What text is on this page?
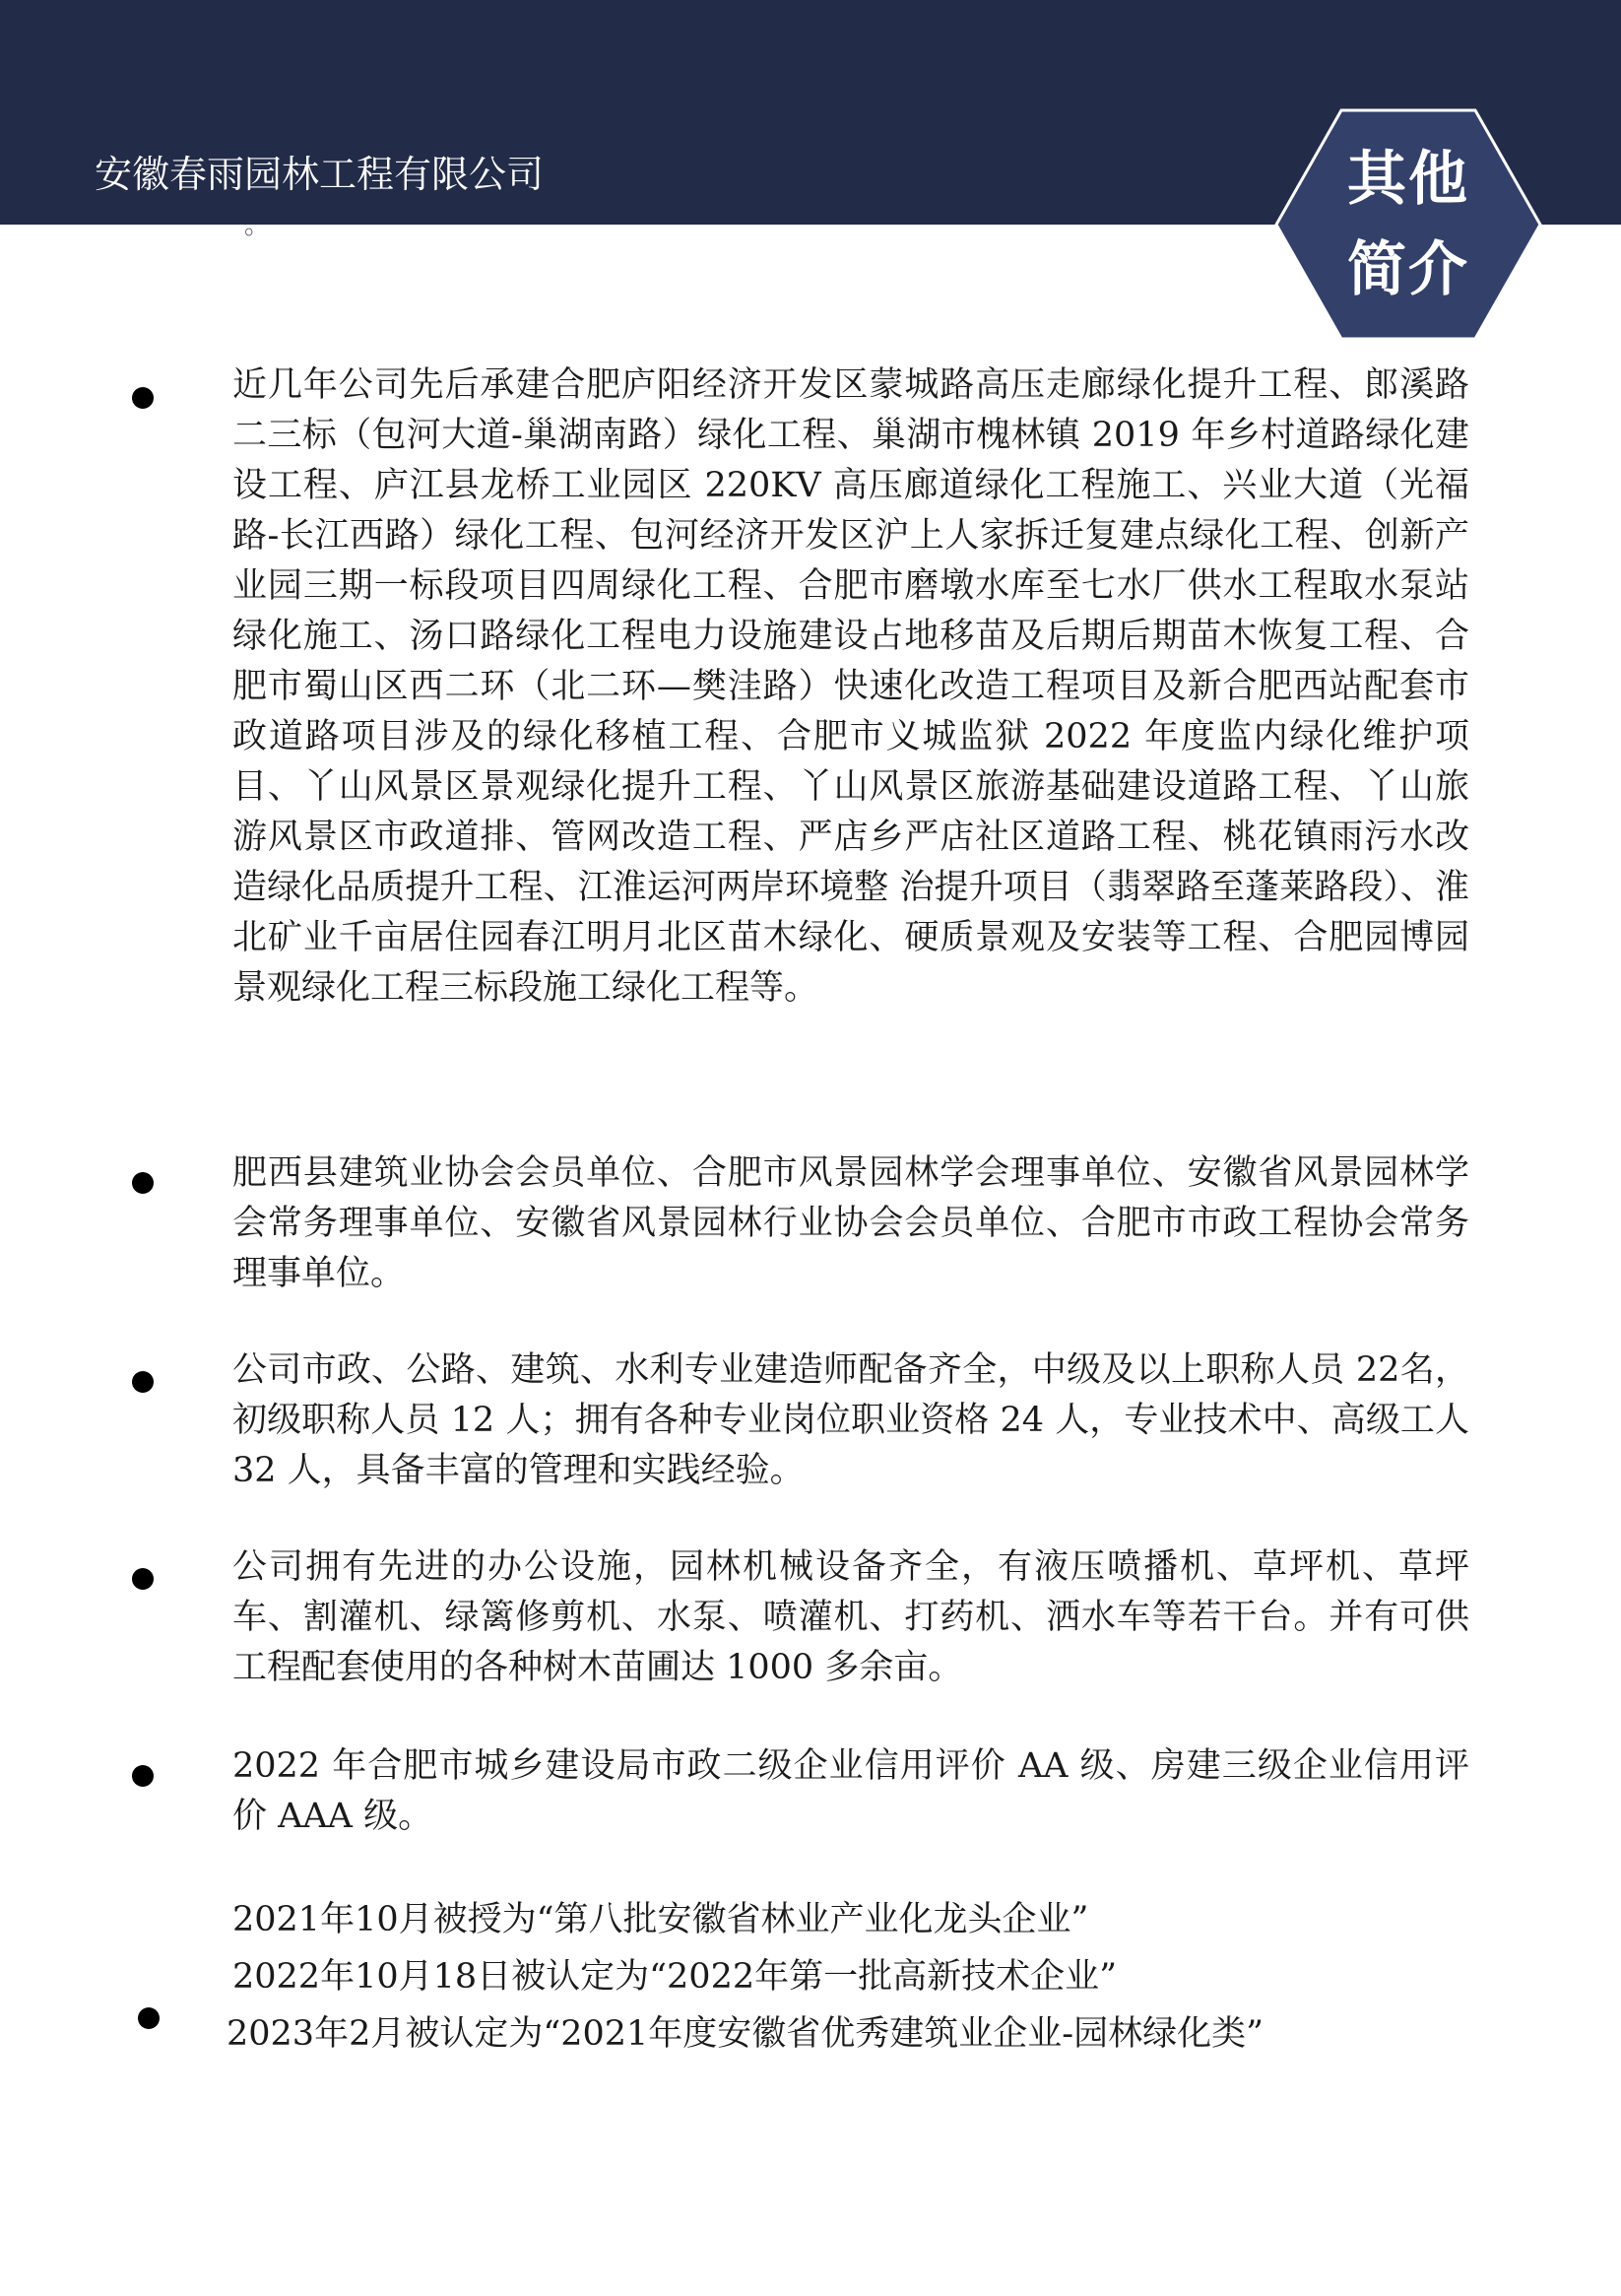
安徽春雨园林工程有限公司	其他
简介
。
近几年公司先后承建合肥庐阳经济开发区蒙城路高压走廊绿化提升工程、郎溪路二三标（包河大道-巢湖南路）绿化工程、巢湖市槐林镇 2019 年乡村道路绿化建设工程、庐江县龙桥工业园区 220KV 高压廊道绿化工程施工、兴业大道（光福路-长江西路）绿化工程、包河经济开发区沪上人家拆迁复建点绿化工程、创新产业园三期一标段项目四周绿化工程、合肥市磨墩水库至七水厂供水工程取水泵站绿化施工、汤口路绿化工程电力设施建设占地移苗及后期后期苗木恢复工程、合肥市蜀山区西二环（北二环—樊洼路）快速化改造工程项目及新合肥西站配套市政道路项目涉及的绿化移植工程、合肥市义城监狱 2022 年度监内绿化维护项目、丫山风景区景观绿化提升工程、丫山风景区旅游基础建设道路工程、丫山旅游风景区市政道排、管网改造工程、严店乡严店社区道路工程、桃花镇雨污水改造绿化品质提升工程、江淮运河两岸环境整 治提升项目（翡翠路至蓬莱路段）、淮北矿业千亩居住园春江明月北区苗木绿化、硬质景观及安装等工程、合肥园博园景观绿化工程三标段施工绿化工程等。
肥西县建筑业协会会员单位、合肥市风景园林学会理事单位、安徽省风景园林学会常务理事单位、安徽省风景园林行业协会会员单位、合肥市市政工程协会常务理事单位。
公司市政、公路、建筑、水利专业建造师配备齐全，中级及以上职称人员 22名，初级职称人员 12 人；拥有各种专业岗位职业资格 24 人，专业技术中、高级工人 32 人，具备丰富的管理和实践经验。
公司拥有先进的办公设施，园林机械设备齐全，有液压喷播机、草坪机、草坪车、割灌机、绿篱修剪机、水泵、喷灌机、打药机、洒水车等若干台。并有可供工程配套使用的各种树木苗圃达 1000 多余亩。
2022 年合肥市城乡建设局市政二级企业信用评价 AA 级、房建三级企业信用评价 AAA 级。
2021年10月被授为“第八批安徽省林业产业化龙头企业”
2022年10月18日被认定为“2022年第一批高新技术企业”
2023年2月被认定为“2021年度安徽省优秀建筑业企业-园林绿化类”
